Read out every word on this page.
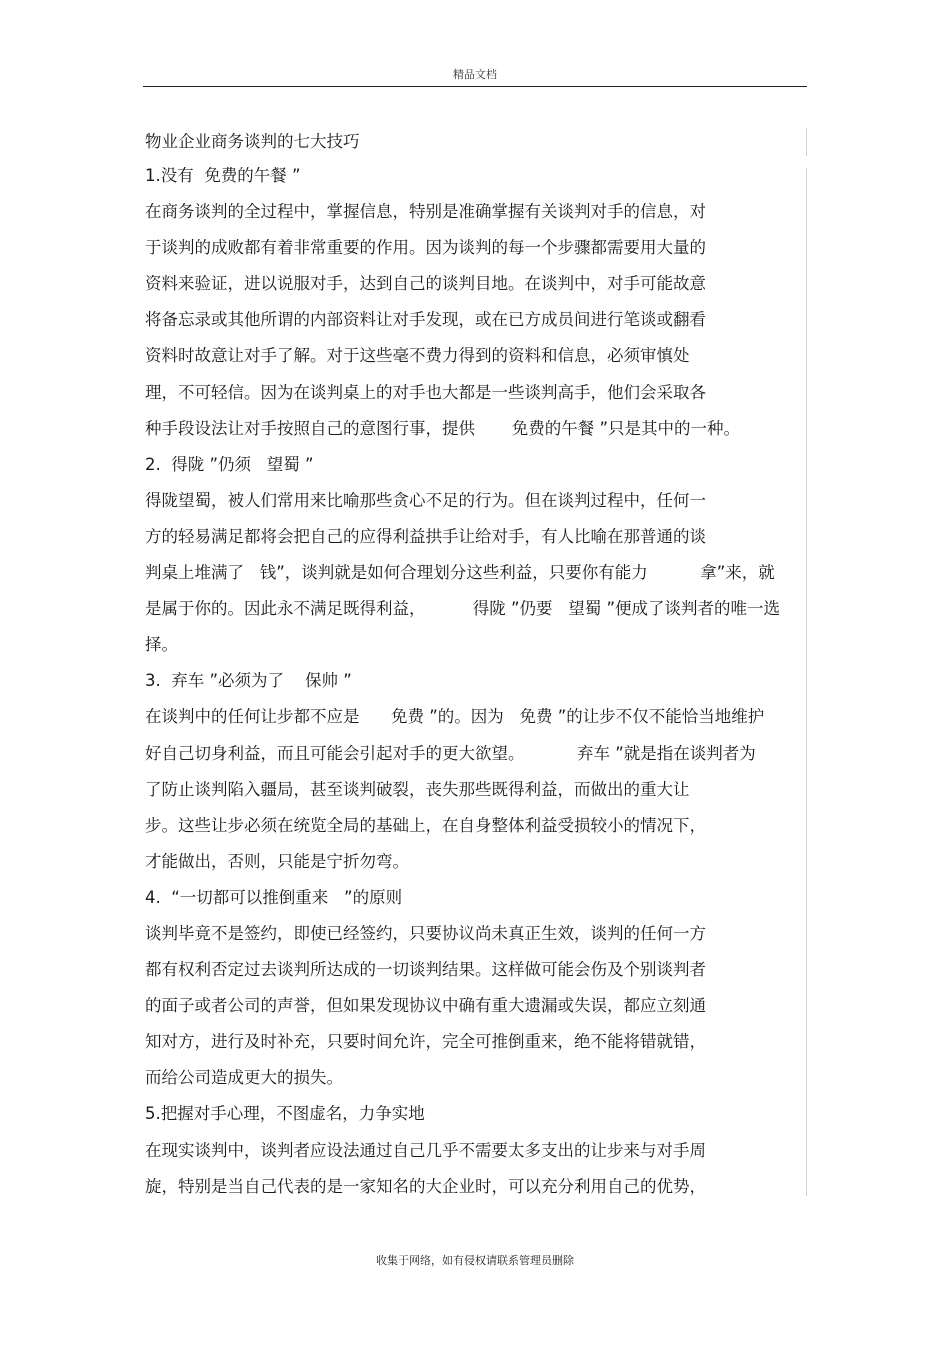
精品文档
物业企业商务谈判的七大技巧
1.没有  免费的午餐 ”
在商务谈判的全过程中，掌握信息，特别是准确掌握有关谈判对手的信息，对
于谈判的成败都有着非常重要的作用。因为谈判的每一个步骤都需要用大量的
资料来验证，进以说服对手，达到自己的谈判目地。在谈判中，对手可能故意
将备忘录或其他所谓的内部资料让对手发现，或在已方成员间进行笔谈或翻看
资料时故意让对手了解。对于这些毫不费力得到的资料和信息，必须审慎处
理，不可轻信。因为在谈判桌上的对手也大都是一些谈判高手，他们会采取各
种手段设法让对手按照自己的意图行事，提供       免费的午餐 ”只是其中的一种。
2.  得陇 ”仍须   望蜀 ”
得陇望蜀，被人们常用来比喻那些贪心不足的行为。但在谈判过程中，任何一
方的轻易满足都将会把自己的应得利益拱手让给对手，有人比喻在那普通的谈
判桌上堆满了   钱”，谈判就是如何合理划分这些利益，只要你有能力          拿”来，就
是属于你的。因此永不满足既得利益，         得陇 ”仍要   望蜀 ”便成了谈判者的唯一选
择。
3.  弃车 ”必须为了    保帅 ”
在谈判中的任何让步都不应是      免费 ”的。因为   免费 ”的让步不仅不能恰当地维护
好自己切身利益，而且可能会引起对手的更大欲望。          弃车 ”就是指在谈判者为
了防止谈判陷入疆局，甚至谈判破裂，丧失那些既得利益，而做出的重大让
步。这些让步必须在统览全局的基础上，在自身整体利益受损较小的情况下，
才能做出，否则，只能是宁折勿弯。
4.  “一切都可以推倒重来   ”的原则
谈判毕竟不是签约，即使已经签约，只要协议尚未真正生效，谈判的任何一方
都有权利否定过去谈判所达成的一切谈判结果。这样做可能会伤及个别谈判者
的面子或者公司的声誉，但如果发现协议中确有重大遗漏或失误，都应立刻通
知对方，进行及时补充，只要时间允许，完全可推倒重来，绝不能将错就错，
而给公司造成更大的损失。
5.把握对手心理，不图虚名，力争实地
在现实谈判中，谈判者应设法通过自己几乎不需要太多支出的让步来与对手周
旋，特别是当自己代表的是一家知名的大企业时，可以充分利用自己的优势，
收集于网络，如有侵权请联系管理员删除
